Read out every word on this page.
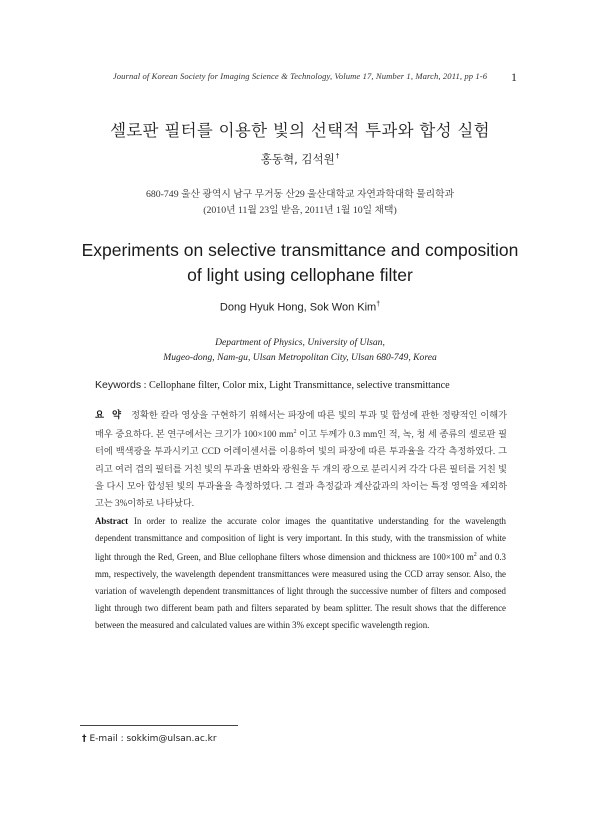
Journal of Korean Society for Imaging Science & Technology, Volume 17, Number 1, March, 2011, pp 1-6	1
셀로판 필터를 이용한 빛의 선택적 투과와 합성 실험
홍동혁, 김석원†
680-749 울산 광역시 남구 무거동 산29 울산대학교 자연과학대학 물리학과
(2010년 11월 23일 받음, 2011년 1월 10일 채택)
Experiments on selective transmittance and composition
of light using cellophane filter
Dong Hyuk Hong, Sok Won Kim†
Department of Physics, University of Ulsan,
Mugeo-dong, Nam-gu, Ulsan Metropolitan City, Ulsan 680-749, Korea
Keywords : Cellophane filter, Color mix, Light Transmittance, selective transmittance
요 약 정확한 칼라 영상을 구현하기 위해서는 파장에 따른 빛의 투과 및 합성에 관한 정량적인 이해가 매우 중요하다. 본 연구에서는 크기가 100×100 $mm^2$ 이고 두께가 0.3 mm인 적, 녹, 청 세 종류의 셀로판 필터에 백색광을 투과시키고 CCD 어레이센서를 이용하여 빛의 파장에 따른 투과율을 각각 측정하였다. 그리고 여러 겹의 필터를 거친 빛의 투과율 변화와 광원을 두 개의 광으로 분리시켜 각각 다른 필터를 거친 빛을 다시 모아 합성된 빛의 투과율을 측정하였다. 그 결과 측정값과 계산값과의 차이는 특정 영역을 제외하고는 3%이하로 나타났다.
Abstract In order to realize the accurate color images the quantitative understanding for the wavelength dependent transmittance and composition of light is very important. In this study, with the transmission of white light through the Red, Green, and Blue cellophane filters whose dimension and thickness are 100×100 $m^2$ and 0.3 mm, respectively, the wavelength dependent transmittances were measured using the CCD array sensor. Also, the variation of wavelength dependent transmittances of light through the successive number of filters and composed light through two different beam path and filters separated by beam splitter. The result shows that the difference between the measured and calculated values are within 3% except specific wavelength region.
† E-mail : sokkim@ulsan.ac.kr
